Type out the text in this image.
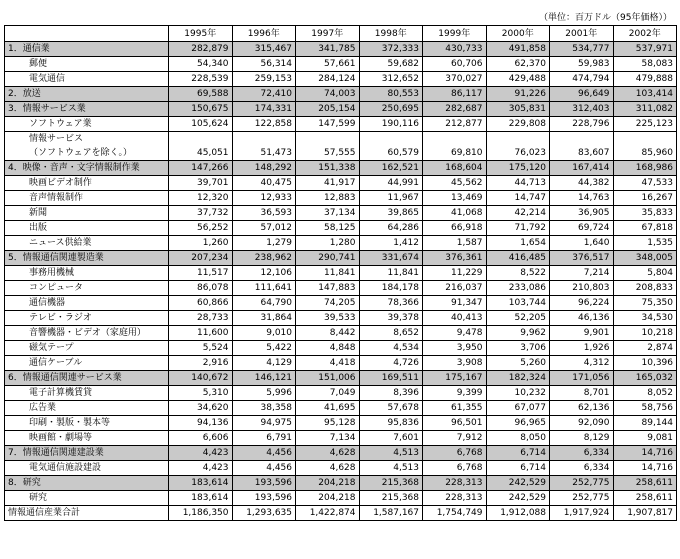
（単位：百万ドル（95年価格））
	1995年	1996年	1997年	1998年	1999年	2000年	2001年	2002年
1．通信業	282,879	315,467	341,785	372,333	430,733	491,858	534,777	537,971
郵便	54,340	56,314	57,661	59,682	60,706	62,370	59,983	58,083
電気通信	228,539	259,153	284,124	312,652	370,027	429,488	474,794	479,888
2．放送	69,588	72,410	74,003	80,553	86,117	91,226	96,649	103,414
3．情報サービス業	150,675	174,331	205,154	250,695	282,687	305,831	312,403	311,082
ソフトウェア業	105,624	122,858	147,599	190,116	212,877	229,808	228,796	225,123
情報サービス
（ソフトウェアを除く。）	45,051	51,473	57,555	60,579	69,810	76,023	83,607	85,960
4．映像・音声・文字情報制作業	147,266	148,292	151,338	162,521	168,604	175,120	167,414	168,986
映画ビデオ制作	39,701	40,475	41,917	44,991	45,562	44,713	44,382	47,533
音声情報制作	12,320	12,933	12,883	11,967	13,469	14,747	14,763	16,267
新聞	37,732	36,593	37,134	39,865	41,068	42,214	36,905	35,833
出版	56,252	57,012	58,125	64,286	66,918	71,792	69,724	67,818
ニュース供給業	1,260	1,279	1,280	1,412	1,587	1,654	1,640	1,535
5．情報通信関連製造業	207,234	238,962	290,741	331,674	376,361	416,485	376,517	348,005
事務用機械	11,517	12,106	11,841	11,841	11,229	8,522	7,214	5,804
コンピュータ	86,078	111,641	147,883	184,178	216,037	233,086	210,803	208,833
通信機器	60,866	64,790	74,205	78,366	91,347	103,744	96,224	75,350
テレビ・ラジオ	28,733	31,864	39,533	39,378	40,413	52,205	46,136	34,530
音響機器・ビデオ（家庭用）	11,600	9,010	8,442	8,652	9,478	9,962	9,901	10,218
磁気テープ	5,524	5,422	4,848	4,534	3,950	3,706	1,926	2,874
通信ケーブル	2,916	4,129	4,418	4,726	3,908	5,260	4,312	10,396
6．情報通信関連サービス業	140,672	146,121	151,006	169,511	175,167	182,324	171,056	165,032
電子計算機賃貸	5,310	5,996	7,049	8,396	9,399	10,232	8,701	8,052
広告業	34,620	38,358	41,695	57,678	61,355	67,077	62,136	58,756
印刷・製版・製本等	94,136	94,975	95,128	95,836	96,501	96,965	92,090	89,144
映画館・劇場等	6,606	6,791	7,134	7,601	7,912	8,050	8,129	9,081
7．情報通信関連建設業	4,423	4,456	4,628	4,513	6,768	6,714	6,334	14,716
電気通信施設建設	4,423	4,456	4,628	4,513	6,768	6,714	6,334	14,716
8．研究	183,614	193,596	204,218	215,368	228,313	242,529	252,775	258,611
研究	183,614	193,596	204,218	215,368	228,313	242,529	252,775	258,611
情報通信産業合計	1,186,350	1,293,635	1,422,874	1,587,167	1,754,749	1,912,088	1,917,924	1,907,817
